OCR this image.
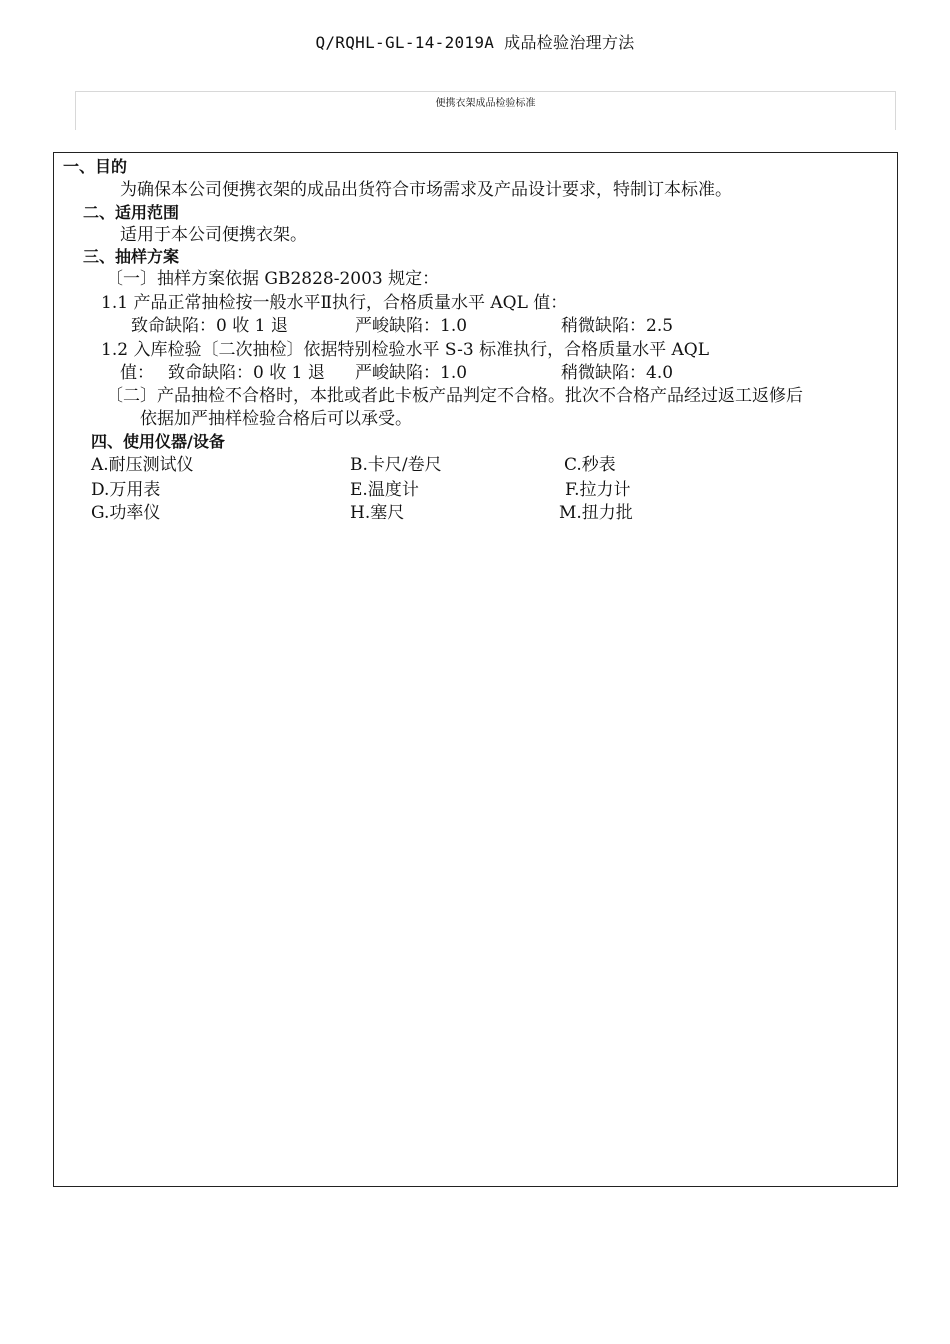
Q/RQHL-GL-14-2019A 成品检验治理方法
便携衣架成品检验标准
一、目的
为确保本公司便携衣架的成品出货符合市场需求及产品设计要求，特制订本标准。
二、适用范围
适用于本公司便携衣架。
三、抽样方案
〔一〕抽样方案依据 GB2828-2003 规定：
1.1 产品正常抽检按一般水平Ⅱ执行，合格质量水平 AQL 值：
致命缺陷：0 收 1 退	严峻缺陷：1.0	稍微缺陷：2.5
1.2 入库检验〔二次抽检〕依据特别检验水平 S-3 标准执行，合格质量水平 AQL
值： 致命缺陷：0 收 1 退 严峻缺陷：1.0	稍微缺陷：4.0
〔二〕产品抽检不合格时，本批或者此卡板产品判定不合格。批次不合格产品经过返工返修后
依据加严抽样检验合格后可以承受。
四、使用仪器/设备
A.耐压测试仪	B.卡尺/卷尺	C.秒表
D.万用表	E.温度计	F.拉力计
G.功率仪	H.塞尺	M.扭力批
